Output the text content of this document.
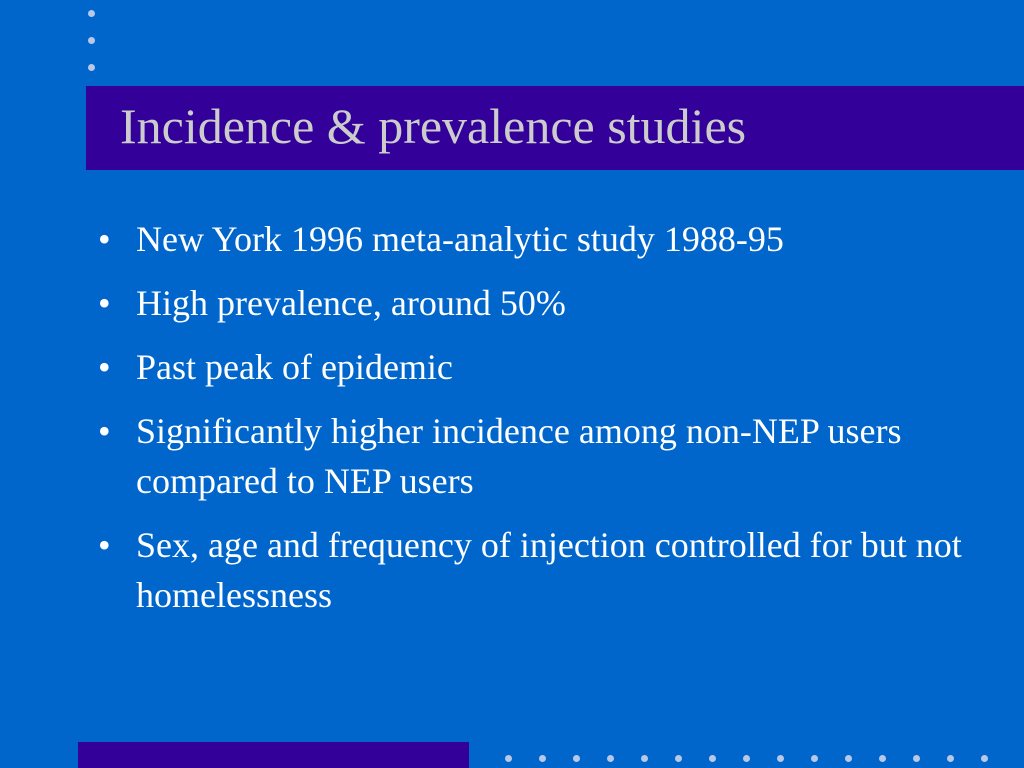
Incidence & prevalence studies
• New York 1996 meta-analytic study 1988-95
• High prevalence, around 50%
• Past peak of epidemic
• Significantly higher incidence among non-NEP users compared to NEP users
• Sex, age and frequency of injection controlled for but not homelessness
